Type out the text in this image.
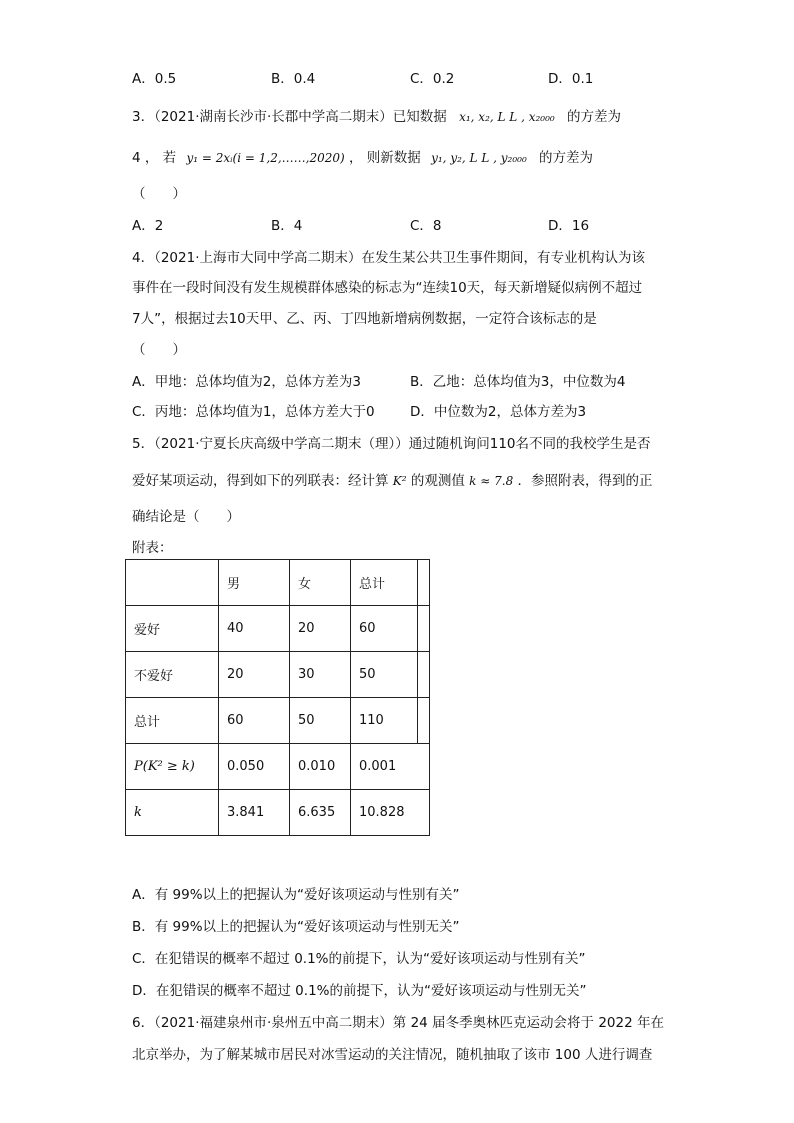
A．0.5	B．0.4	C．0.2	D．0.1
3．（2021·湖南长沙市·长郡中学高二期末）已知数据 x₁, x₂, L L , x₂₀₀₀ 的方差为
4 ， 若 y₁ = 2xᵢ(i = 1,2,……,2020) ， 则新数据 y₁, y₂, L L , y₂₀₀₀ 的方差为
（　　）
A．2	B．4	C．8	D．16
4．（2021·上海市大同中学高二期末）在发生某公共卫生事件期间，有专业机构认为该
事件在一段时间没有发生规模群体感染的标志为“连续10天，每天新增疑似病例不超过
7人”，根据过去10天甲、乙、丙、丁四地新增病例数据，一定符合该标志的是
（　　）
A．甲地：总体均值为2，总体方差为3	B．乙地：总体均值为3，中位数为4
C．丙地：总体均值为1，总体方差大于0	D．中位数为2，总体方差为3
5．（2021·宁夏长庆高级中学高二期末（理））通过随机询问110名不同的我校学生是否
爱好某项运动，得到如下的列联表：经计算 K² 的观测值 k ≈ 7.8 ．参照附表，得到的正
确结论是（　　）
附表：
	男	女	总计	
爱好	40	20	60	
不爱好	20	30	50	
总计	60	50	110	
P(K² ≥ k)	0.050	0.010	0.001	
k	3.841	6.635	10.828	
A．有 99%以上的把握认为“爱好该项运动与性别有关”
B．有 99%以上的把握认为“爱好该项运动与性别无关”
C．在犯错误的概率不超过 0.1%的前提下，认为“爱好该项运动与性别有关”
D．在犯错误的概率不超过 0.1%的前提下，认为“爱好该项运动与性别无关”
6．（2021·福建泉州市·泉州五中高二期末）第 24 届冬季奥林匹克运动会将于 2022 年在
北京举办，为了解某城市居民对冰雪运动的关注情况，随机抽取了该市 100 人进行调查
